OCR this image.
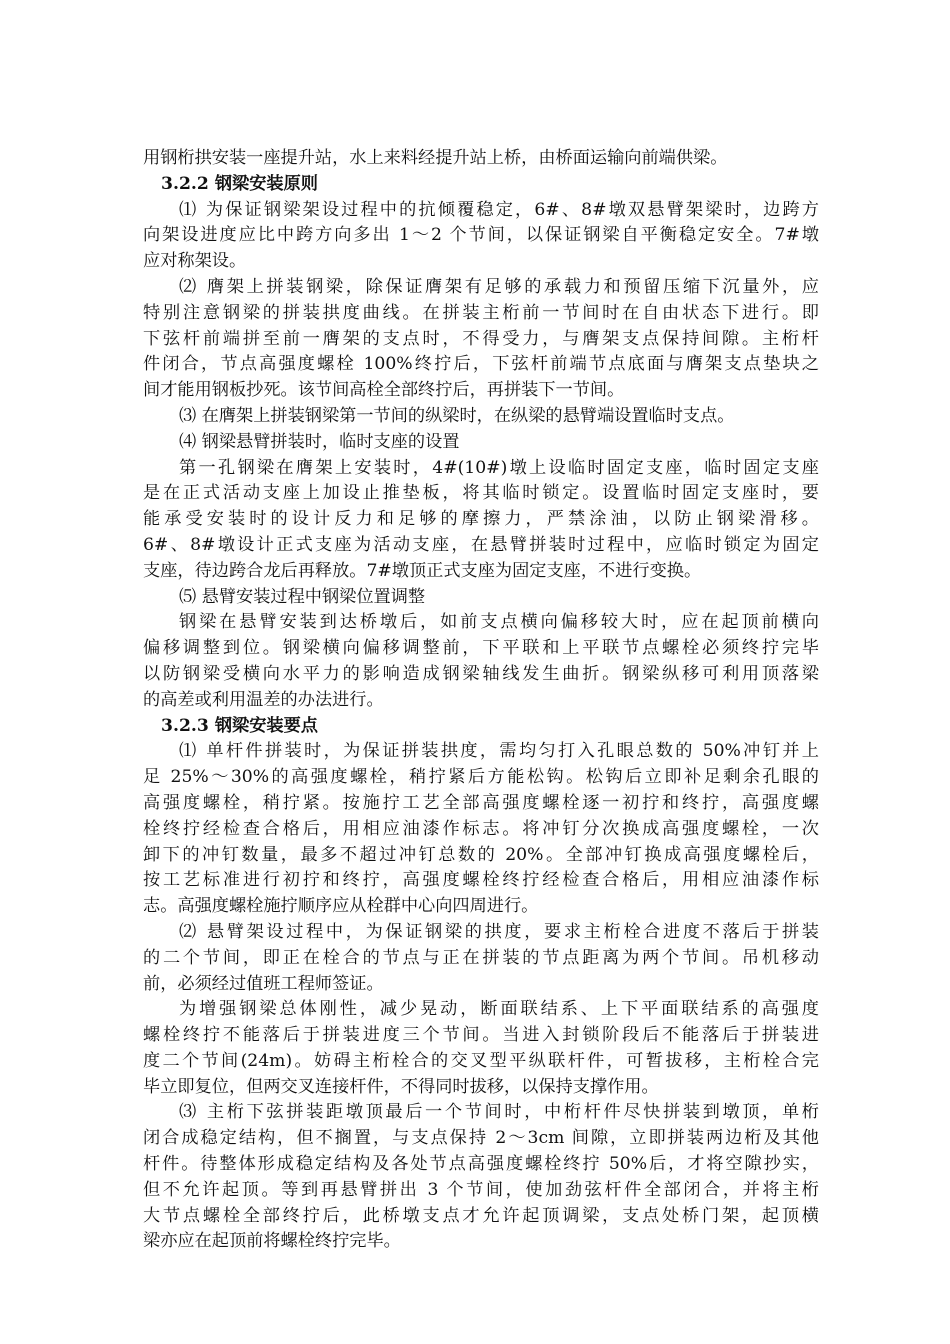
用钢桁拱安装一座提升站，水上来料经提升站上桥，由桥面运输向前端供梁。
3.2.2 钢梁安装原则
⑴ 为保证钢梁架设过程中的抗倾覆稳定，6#、8#墩双悬臂架梁时，边跨方
向架设进度应比中跨方向多出 1～2 个节间，以保证钢梁自平衡稳定安全。7#墩
应对称架设。
⑵ 膺架上拼装钢梁，除保证膺架有足够的承载力和预留压缩下沉量外，应
特别注意钢梁的拼装拱度曲线。在拼装主桁前一节间时在自由状态下进行。即
下弦杆前端拼至前一膺架的支点时，不得受力，与膺架支点保持间隙。主桁杆
件闭合，节点高强度螺栓 100%终拧后，下弦杆前端节点底面与膺架支点垫块之
间才能用钢板抄死。该节间高栓全部终拧后，再拼装下一节间。
⑶ 在膺架上拼装钢梁第一节间的纵梁时，在纵梁的悬臂端设置临时支点。
⑷ 钢梁悬臂拼装时，临时支座的设置
第一孔钢梁在膺架上安装时，4#(10#)墩上设临时固定支座，临时固定支座
是在正式活动支座上加设止推垫板，将其临时锁定。设置临时固定支座时，要
能承受安装时的设计反力和足够的摩擦力，严禁涂油，以防止钢梁滑移。
6#、8#墩设计正式支座为活动支座，在悬臂拼装时过程中，应临时锁定为固定
支座，待边跨合龙后再释放。7#墩顶正式支座为固定支座，不进行变换。
⑸ 悬臂安装过程中钢梁位置调整
钢梁在悬臂安装到达桥墩后，如前支点横向偏移较大时，应在起顶前横向
偏移调整到位。钢梁横向偏移调整前，下平联和上平联节点螺栓必须终拧完毕
以防钢梁受横向水平力的影响造成钢梁轴线发生曲折。钢梁纵移可利用顶落梁
的高差或利用温差的办法进行。
3.2.3 钢梁安装要点
⑴ 单杆件拼装时，为保证拼装拱度，需均匀打入孔眼总数的 50%冲钉并上
足 25%～30%的高强度螺栓，稍拧紧后方能松钩。松钩后立即补足剩余孔眼的
高强度螺栓，稍拧紧。按施拧工艺全部高强度螺栓逐一初拧和终拧，高强度螺
栓终拧经检查合格后，用相应油漆作标志。将冲钉分次换成高强度螺栓，一次
卸下的冲钉数量，最多不超过冲钉总数的 20%。全部冲钉换成高强度螺栓后，
按工艺标准进行初拧和终拧，高强度螺栓终拧经检查合格后，用相应油漆作标
志。高强度螺栓施拧顺序应从栓群中心向四周进行。
⑵ 悬臂架设过程中，为保证钢梁的拱度，要求主桁栓合进度不落后于拼装
的二个节间，即正在栓合的节点与正在拼装的节点距离为两个节间。吊机移动
前，必须经过值班工程师签证。
为增强钢梁总体刚性，减少晃动，断面联结系、上下平面联结系的高强度
螺栓终拧不能落后于拼装进度三个节间。当进入封锁阶段后不能落后于拼装进
度二个节间(24m)。妨碍主桁栓合的交叉型平纵联杆件，可暂拔移，主桁栓合完
毕立即复位，但两交叉连接杆件，不得同时拔移，以保持支撑作用。
⑶ 主桁下弦拼装距墩顶最后一个节间时，中桁杆件尽快拼装到墩顶，单桁
闭合成稳定结构，但不搁置，与支点保持 2～3cm 间隙，立即拼装两边桁及其他
杆件。待整体形成稳定结构及各处节点高强度螺栓终拧 50%后，才将空隙抄实，
但不允许起顶。等到再悬臂拼出 3 个节间，使加劲弦杆件全部闭合，并将主桁
大节点螺栓全部终拧后，此桥墩支点才允许起顶调梁，支点处桥门架，起顶横
梁亦应在起顶前将螺栓终拧完毕。
